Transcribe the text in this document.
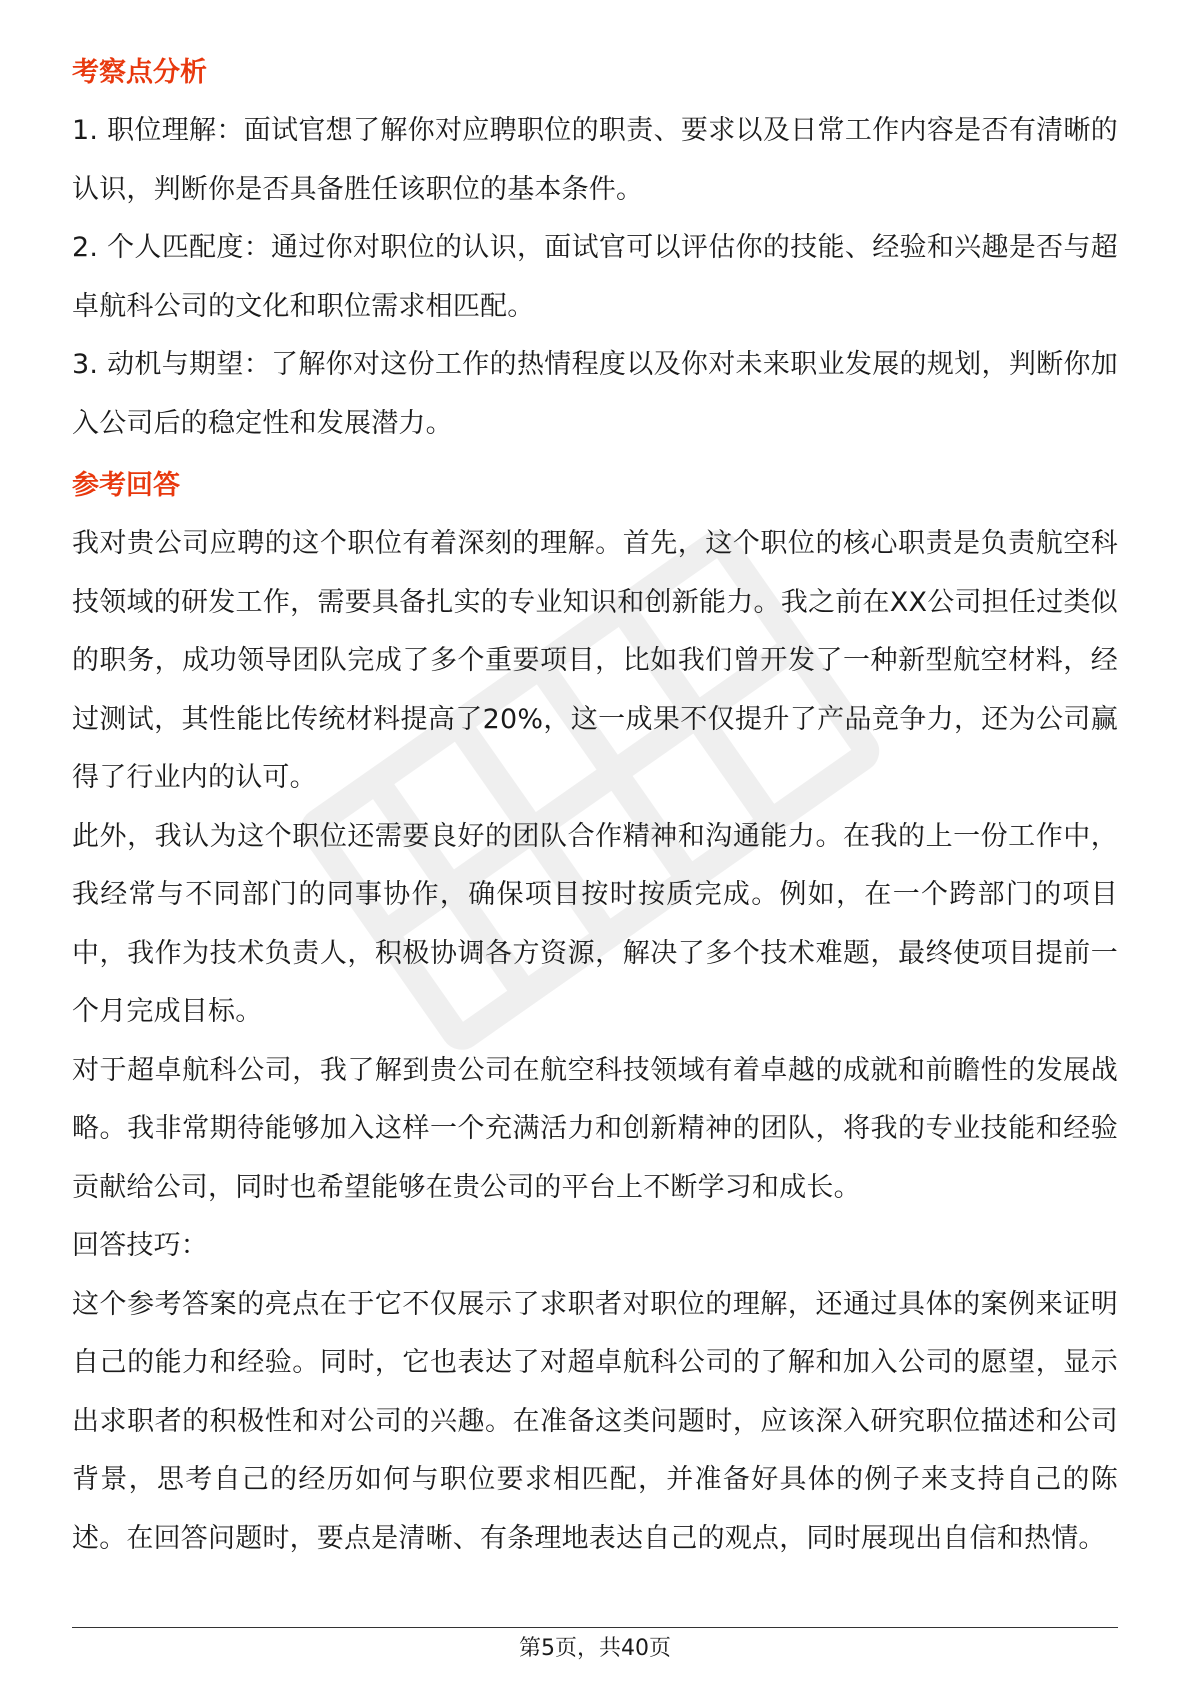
考察点分析

1. 职位理解：面试官想了解你对应聘职位的职责、要求以及日常工作内容是否有清晰的认识，判断你是否具备胜任该职位的基本条件。

2. 个人匹配度：通过你对职位的认识，面试官可以评估你的技能、经验和兴趣是否与超卓航科公司的文化和职位需求相匹配。

3. 动机与期望：了解你对这份工作的热情程度以及你对未来职业发展的规划，判断你加入公司后的稳定性和发展潜力。

参考回答

我对贵公司应聘的这个职位有着深刻的理解。首先，这个职位的核心职责是负责航空科技领域的研发工作，需要具备扎实的专业知识和创新能力。我之前在XX公司担任过类似的职务，成功领导团队完成了多个重要项目，比如我们曾开发了一种新型航空材料，经过测试，其性能比传统材料提高了20%，这一成果不仅提升了产品竞争力，还为公司赢得了行业内的认可。

此外，我认为这个职位还需要良好的团队合作精神和沟通能力。在我的上一份工作中，我经常与不同部门的同事协作，确保项目按时按质完成。例如，在一个跨部门的项目中，我作为技术负责人，积极协调各方资源，解决了多个技术难题，最终使项目提前一个月完成目标。

对于超卓航科公司，我了解到贵公司在航空科技领域有着卓越的成就和前瞻性的发展战略。我非常期待能够加入这样一个充满活力和创新精神的团队，将我的专业技能和经验贡献给公司，同时也希望能够在贵公司的平台上不断学习和成长。

回答技巧：

这个参考答案的亮点在于它不仅展示了求职者对职位的理解，还通过具体的案例来证明自己的能力和经验。同时，它也表达了对超卓航科公司的了解和加入公司的愿望，显示出求职者的积极性和对公司的兴趣。在准备这类问题时，应该深入研究职位描述和公司背景，思考自己的经历如何与职位要求相匹配，并准备好具体的例子来支持自己的陈述。在回答问题时，要点是清晰、有条理地表达自己的观点，同时展现出自信和热情。

第5页，共40页
